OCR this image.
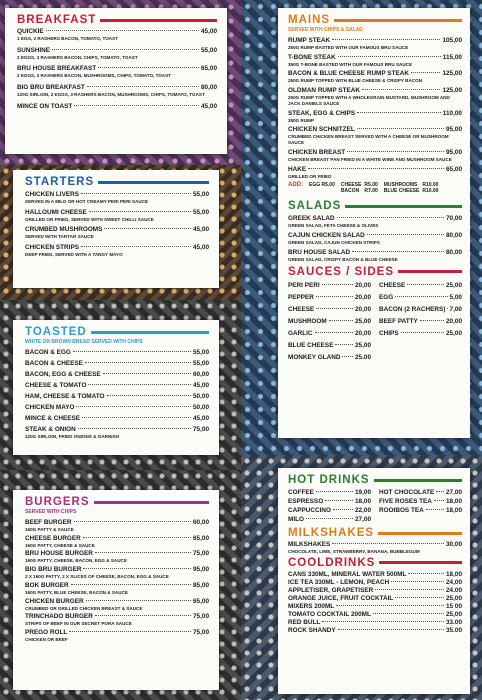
BREAKFAST
QUICKIE	45,00
1 EGG, 2 RASHERS BACON, TOMATO, TOAST
SUNSHINE	55,00
2 EGGS, 3 RASHERS BACON, CHIPS, TOMATO, TOAST
BRU HOUSE BREAKFAST	65,00
2 EGGS, 3 RASHERS BACON, MUSHROOMS, CHIPS, TOMATO, TOAST
BIG BRU BREAKFAST	80,00
120G SIRLOIN, 2 EGGS, 3 RASHERS BACON, MUSHROOMS, CHIPS, TOMATO, TOAST
MINCE ON TOAST	45,00
STARTERS
CHICKEN LIVERS	55,00
SERVED IN A MILD OR HOT CREAMY PERI PERI SAUCE
HALLOUMI CHEESE	55,00
GRILLED OR FRIED, SERVED WITH SWEET CHILLI SAUCE
CRUMBED MUSHROOMS	45,00
SERVED WITH TARTAR SAUCE
CHICKEN STRIPS	45,00
DEEP FRIED, SERVED WITH A TANGY MAYO
TOASTED
WHITE OR BROWN BREAD SERVED WITH CHIPS
BACON & EGG	55,00
BACON & CHEESE	55,00
BACON, EGG & CHEESE	60,00
CHEESE & TOMATO	45,00
HAM, CHEESE & TOMATO	50,00
CHICKEN MAYO	50,00
MINCE & CHEESE	45,00
STEAK & ONION	75,00
120G SIRLOIN, FRIED ONIONS & GARNISH
BURGERS
SERVED WITH CHIPS
BEEF BURGER	60,00
160G PATTY & SAUCE
CHEESE BURGER	65,00
160G PATTY, CHEESE & SAUCE
BRU HOUSE BURGER	75,00
160G PATTY, CHEESE, BACON, EGG & SAUCE
BIG BRU BURGER	95,00
2 X 160G PATTY, 2 X SLICES OF CHEESE, BACON, EGG & SAUCE
BOK BURGER	85,00
160G PATTY, BLUE CHEESE, BACON & SAUCE
CHICKEN BURGER	65,00
CRUMBED OR GRILLED CHICKEN BREAST & SAUCE
TRINCHADO BURGER	75,00
STRIPS OF BEEF IN OUR SECRET PORA SAUCE
PREGO ROLL	75,00
CHICKEN OR BEEF
MAINS
SERVED WITH CHIPS & SALAD
RUMP STEAK	105,00
250G RUMP BASTED WITH OUR FAMOUS BRU SAUCE
T-BONE STEAK	115,00
350G T-BONE BASTED WITH OUR FAMOUS BRU SAUCE
BACON & BLUE CHEESE RUMP STEAK	125,00
250G RUMP TOPPED WITH BLUE CHEESE & CRISPY BACON
OLDMAN RUMP STEAK	125,00
250G RUMP TOPPED WITH A WHOLEGRAIN MUSTARD, MUSHROOM AND JACK DANIELS SAUCE
STEAK, EGG & CHIPS	110,00
250G RUMP
CHICKEN SCHNITZEL	95,00
CRUMBED CHICKEN BREAST SERVED WITH A CHEESE OR MUSHROOM SAUCE
CHICKEN BREAST	95,00
CHICKEN BREAST PAN FRIED IN A WHITE WINE AND MUSHROOM SAUCE
HAKE	65,00
GRILLED OR FRIED
ADD: EGG R5.00 CHEESE R5.00
BACON	R7.00
MUSHROOMS R10.00
BLUE CHEESE R10.00
SALADS
GREEK SALAD	70,00
GREEN SALAD, FETA CHEESE & OLIVES
CAJUN CHICKEN SALAD	80,00
GREEN SALAD, CAJUN CHICKEN STRIPS
BRU HOUSE SALAD	80,00
GREEN SALAD, CRISPY BACON & BLUE CHEESE
SAUCES / SIDES
PERI PERI	20,00
PEPPER	20,00
CHEESE	20,00
MUSHROOM	25,00
GARLIC	20,00
BLUE CHEESE	25,00
MONKEY GLAND 25.00
CHEESE	25,00
EGG	5,00
BACON (2 RACHERS) 7,00
BEEF PATTY	20,00
CHIPS	25,00
HOT DRINKS
COFFEE	19,00
ESPRESSO	18,00
CAPPUCCINO	22,00
MILO	27,00
HOT CHOCOLATE 27,00
FIVE ROSES TEA 18,00
ROOIBOS TEA	18,00
MILKSHAKES
MILKSHAKES	30,00
CHOCOLATE, LIME, STRAWBERRY, BANANA, BUBBLEGUM
COOLDRINKS
CANS 330ML, MINERAL WATER 500ML	18,00
ICE TEA 330ML - LEMON, PEACH	24,00
APPLETISER, GRAPETISER	24.00
ORANGE JUICE, FRUIT COCKTAIL	25,00
MIXERS 200ML	15 00
TOMATO COCKTAIL 200ML	25,00
RED BULL	33.00
ROCK SHANDY	35.00
